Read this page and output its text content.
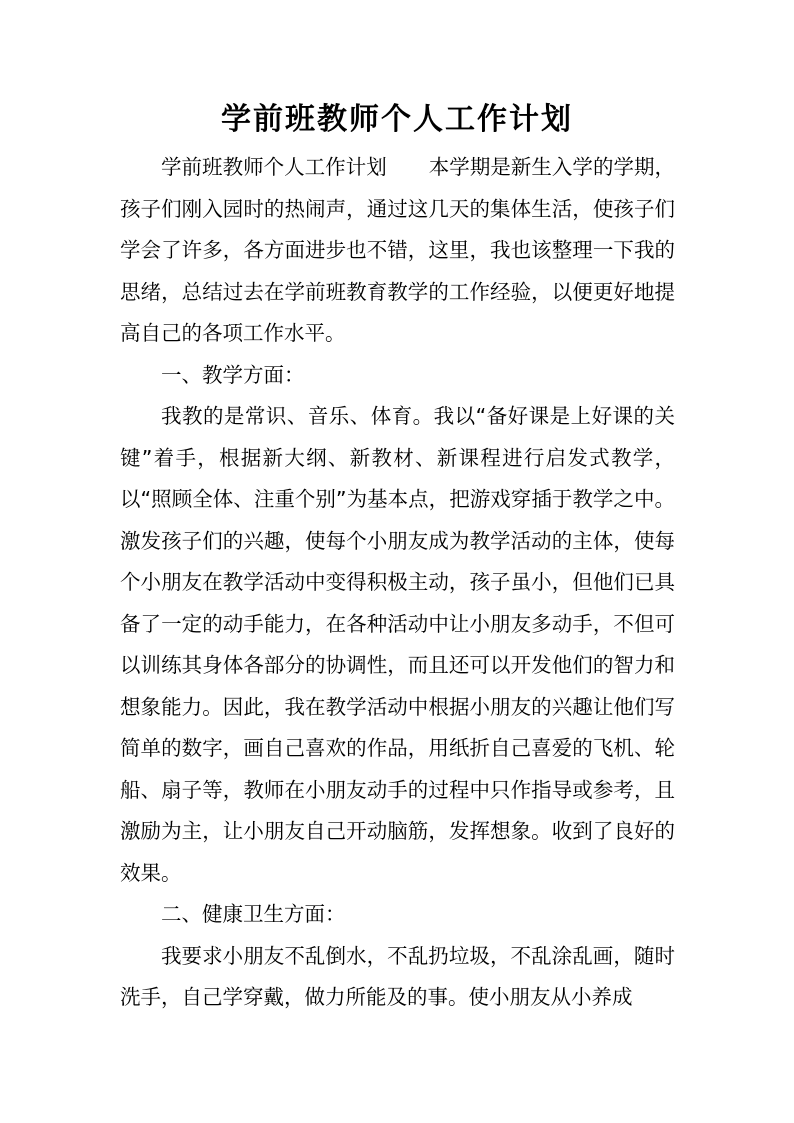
学前班教师个人工作计划

学前班教师个人工作计划 本学期是新生入学的学期，孩子们刚入园时的热闹声，通过这几天的集体生活，使孩子们学会了许多，各方面进步也不错，这里，我也该整理一下我的思绪，总结过去在学前班教育教学的工作经验，以便更好地提高自己的各项工作水平。

一、教学方面：

我教的是常识、音乐、体育。我以“备好课是上好课的关键”着手，根据新大纲、新教材、新课程进行启发式教学，以“照顾全体、注重个别”为基本点，把游戏穿插于教学之中。激发孩子们的兴趣，使每个小朋友成为教学活动的主体，使每个小朋友在教学活动中变得积极主动，孩子虽小，但他们已具备了一定的动手能力，在各种活动中让小朋友多动手，不但可以训练其身体各部分的协调性，而且还可以开发他们的智力和想象能力。因此，我在教学活动中根据小朋友的兴趣让他们写简单的数字，画自己喜欢的作品，用纸折自己喜爱的飞机、轮船、扇子等，教师在小朋友动手的过程中只作指导或参考，且激励为主，让小朋友自己开动脑筋，发挥想象。收到了良好的效果。

二、健康卫生方面：

我要求小朋友不乱倒水，不乱扔垃圾，不乱涂乱画，随时洗手，自己学穿戴，做力所能及的事。使小朋友从小养成
